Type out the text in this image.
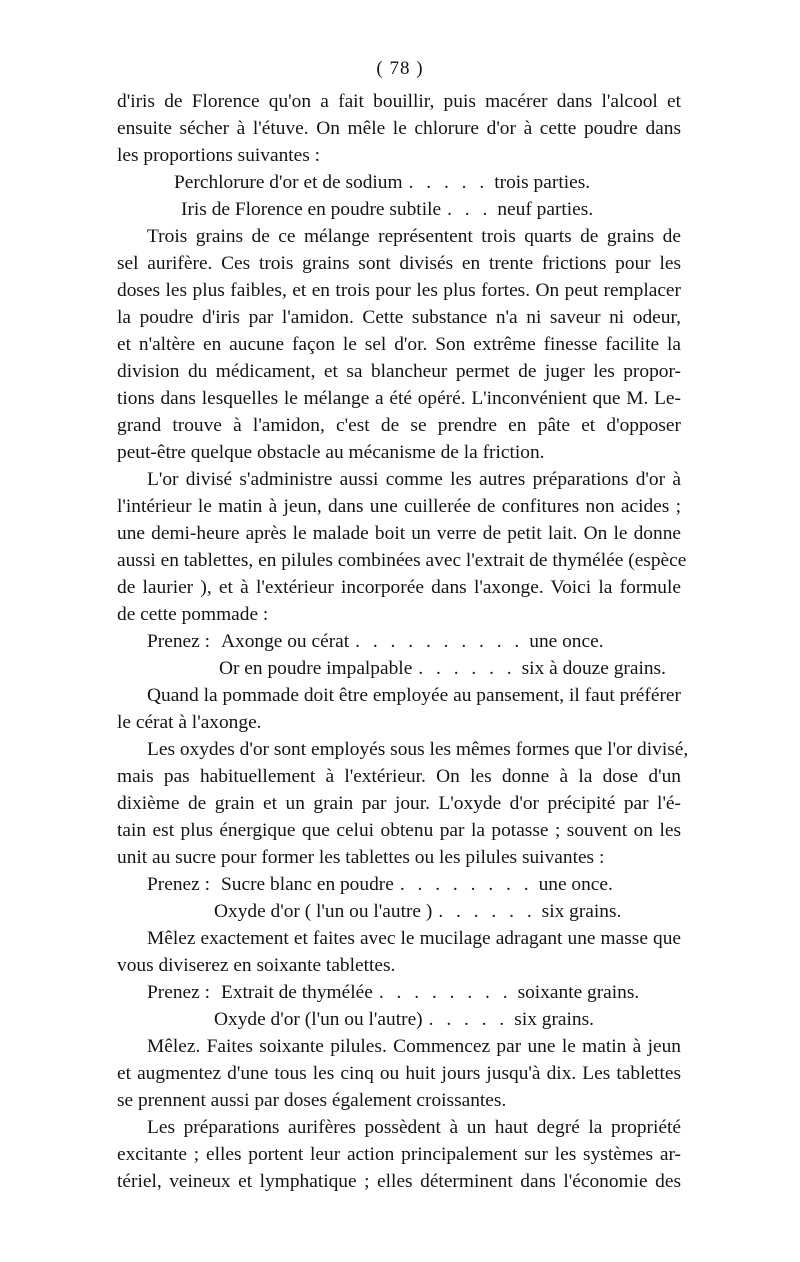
( 78 )
d'iris de Florence qu'on a fait bouillir, puis macérer dans l'alcool et
ensuite sécher à l'étuve. On mêle le chlorure d'or à cette poudre dans
les proportions suivantes :
Perchlorure d'or et de sodium . . . . . trois parties.
Iris de Florence en poudre subtile . . . neuf parties.
Trois grains de ce mélange représentent trois quarts de grains de
sel aurifère. Ces trois grains sont divisés en trente frictions pour les
doses les plus faibles, et en trois pour les plus fortes. On peut remplacer
la poudre d'iris par l'amidon. Cette substance n'a ni saveur ni odeur,
et n'altère en aucune façon le sel d'or. Son extrême finesse facilite la
division du médicament, et sa blancheur permet de juger les propor-
tions dans lesquelles le mélange a été opéré. L'inconvénient que M. Le-
grand trouve à l'amidon, c'est de se prendre en pâte et d'opposer
peut-être quelque obstacle au mécanisme de la friction.
L'or divisé s'administre aussi comme les autres préparations d'or à
l'intérieur le matin à jeun, dans une cuillerée de confitures non acides ;
une demi-heure après le malade boit un verre de petit lait. On le donne
aussi en tablettes, en pilules combinées avec l'extrait de thymélée (espèce
de laurier ), et à l'extérieur incorporée dans l'axonge. Voici la formule
de cette pommade :
Prenez : Axonge ou cérat . . . . . . . . . . une once.
Or en poudre impalpable . . . . . . six à douze grains.
Quand la pommade doit être employée au pansement, il faut préférer
le cérat à l'axonge.
Les oxydes d'or sont employés sous les mêmes formes que l'or divisé,
mais pas habituellement à l'extérieur. On les donne à la dose d'un
dixième de grain et un grain par jour. L'oxyde d'or précipité par l'é-
tain est plus énergique que celui obtenu par la potasse ; souvent on les
unit au sucre pour former les tablettes ou les pilules suivantes :
Prenez : Sucre blanc en poudre . . . . . . . . une once.
Oxyde d'or ( l'un ou l'autre ) . . . . . . six grains.
Mêlez exactement et faites avec le mucilage adragant une masse que
vous diviserez en soixante tablettes.
Prenez : Extrait de thymélée . . . . . . . . soixante grains.
Oxyde d'or (l'un ou l'autre) . . . . . six grains.
Mêlez. Faites soixante pilules. Commencez par une le matin à jeun
et augmentez d'une tous les cinq ou huit jours jusqu'à dix. Les tablettes
se prennent aussi par doses également croissantes.
Les préparations aurifères possèdent à un haut degré la propriété
excitante ; elles portent leur action principalement sur les systèmes ar-
tériel, veineux et lymphatique ; elles déterminent dans l'économie des
